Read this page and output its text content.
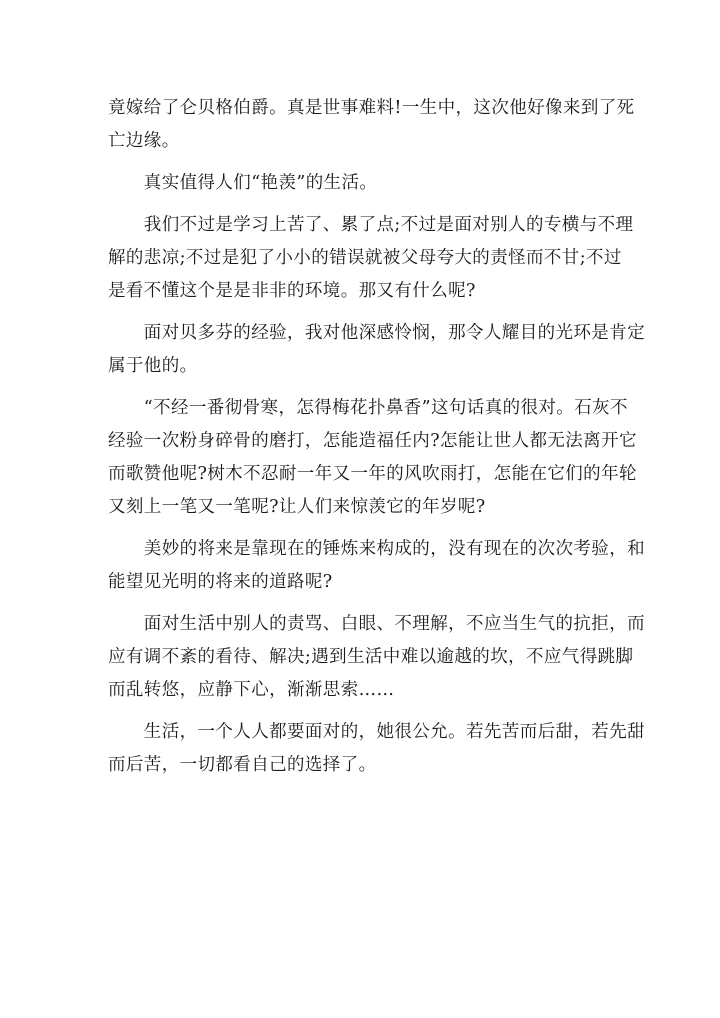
竟嫁给了仑贝格伯爵。真是世事难料!一生中，这次他好像来到了死
亡边缘。
　　真实值得人们“艳羡”的生活。
　　我们不过是学习上苦了、累了点;不过是面对别人的专横与不理
解的悲凉;不过是犯了小小的错误就被父母夸大的责怪而不甘;不过
是看不懂这个是是非非的环境。那又有什么呢?
　　面对贝多芬的经验，我对他深感怜悯，那令人耀目的光环是肯定
属于他的。
　　“不经一番彻骨寒，怎得梅花扑鼻香”这句话真的很对。石灰不
经验一次粉身碎骨的磨打，怎能造福任内?怎能让世人都无法离开它
而歌赞他呢?树木不忍耐一年又一年的风吹雨打，怎能在它们的年轮
又刻上一笔又一笔呢?让人们来惊羡它的年岁呢?
　　美妙的将来是靠现在的锤炼来构成的，没有现在的次次考验，和
能望见光明的将来的道路呢?
　　面对生活中别人的责骂、白眼、不理解，不应当生气的抗拒，而
应有调不紊的看待、解决;遇到生活中难以逾越的坎，不应气得跳脚
而乱转悠，应静下心，渐渐思索……
　　生活，一个人人都要面对的，她很公允。若先苦而后甜，若先甜
而后苦，一切都看自己的选择了。
